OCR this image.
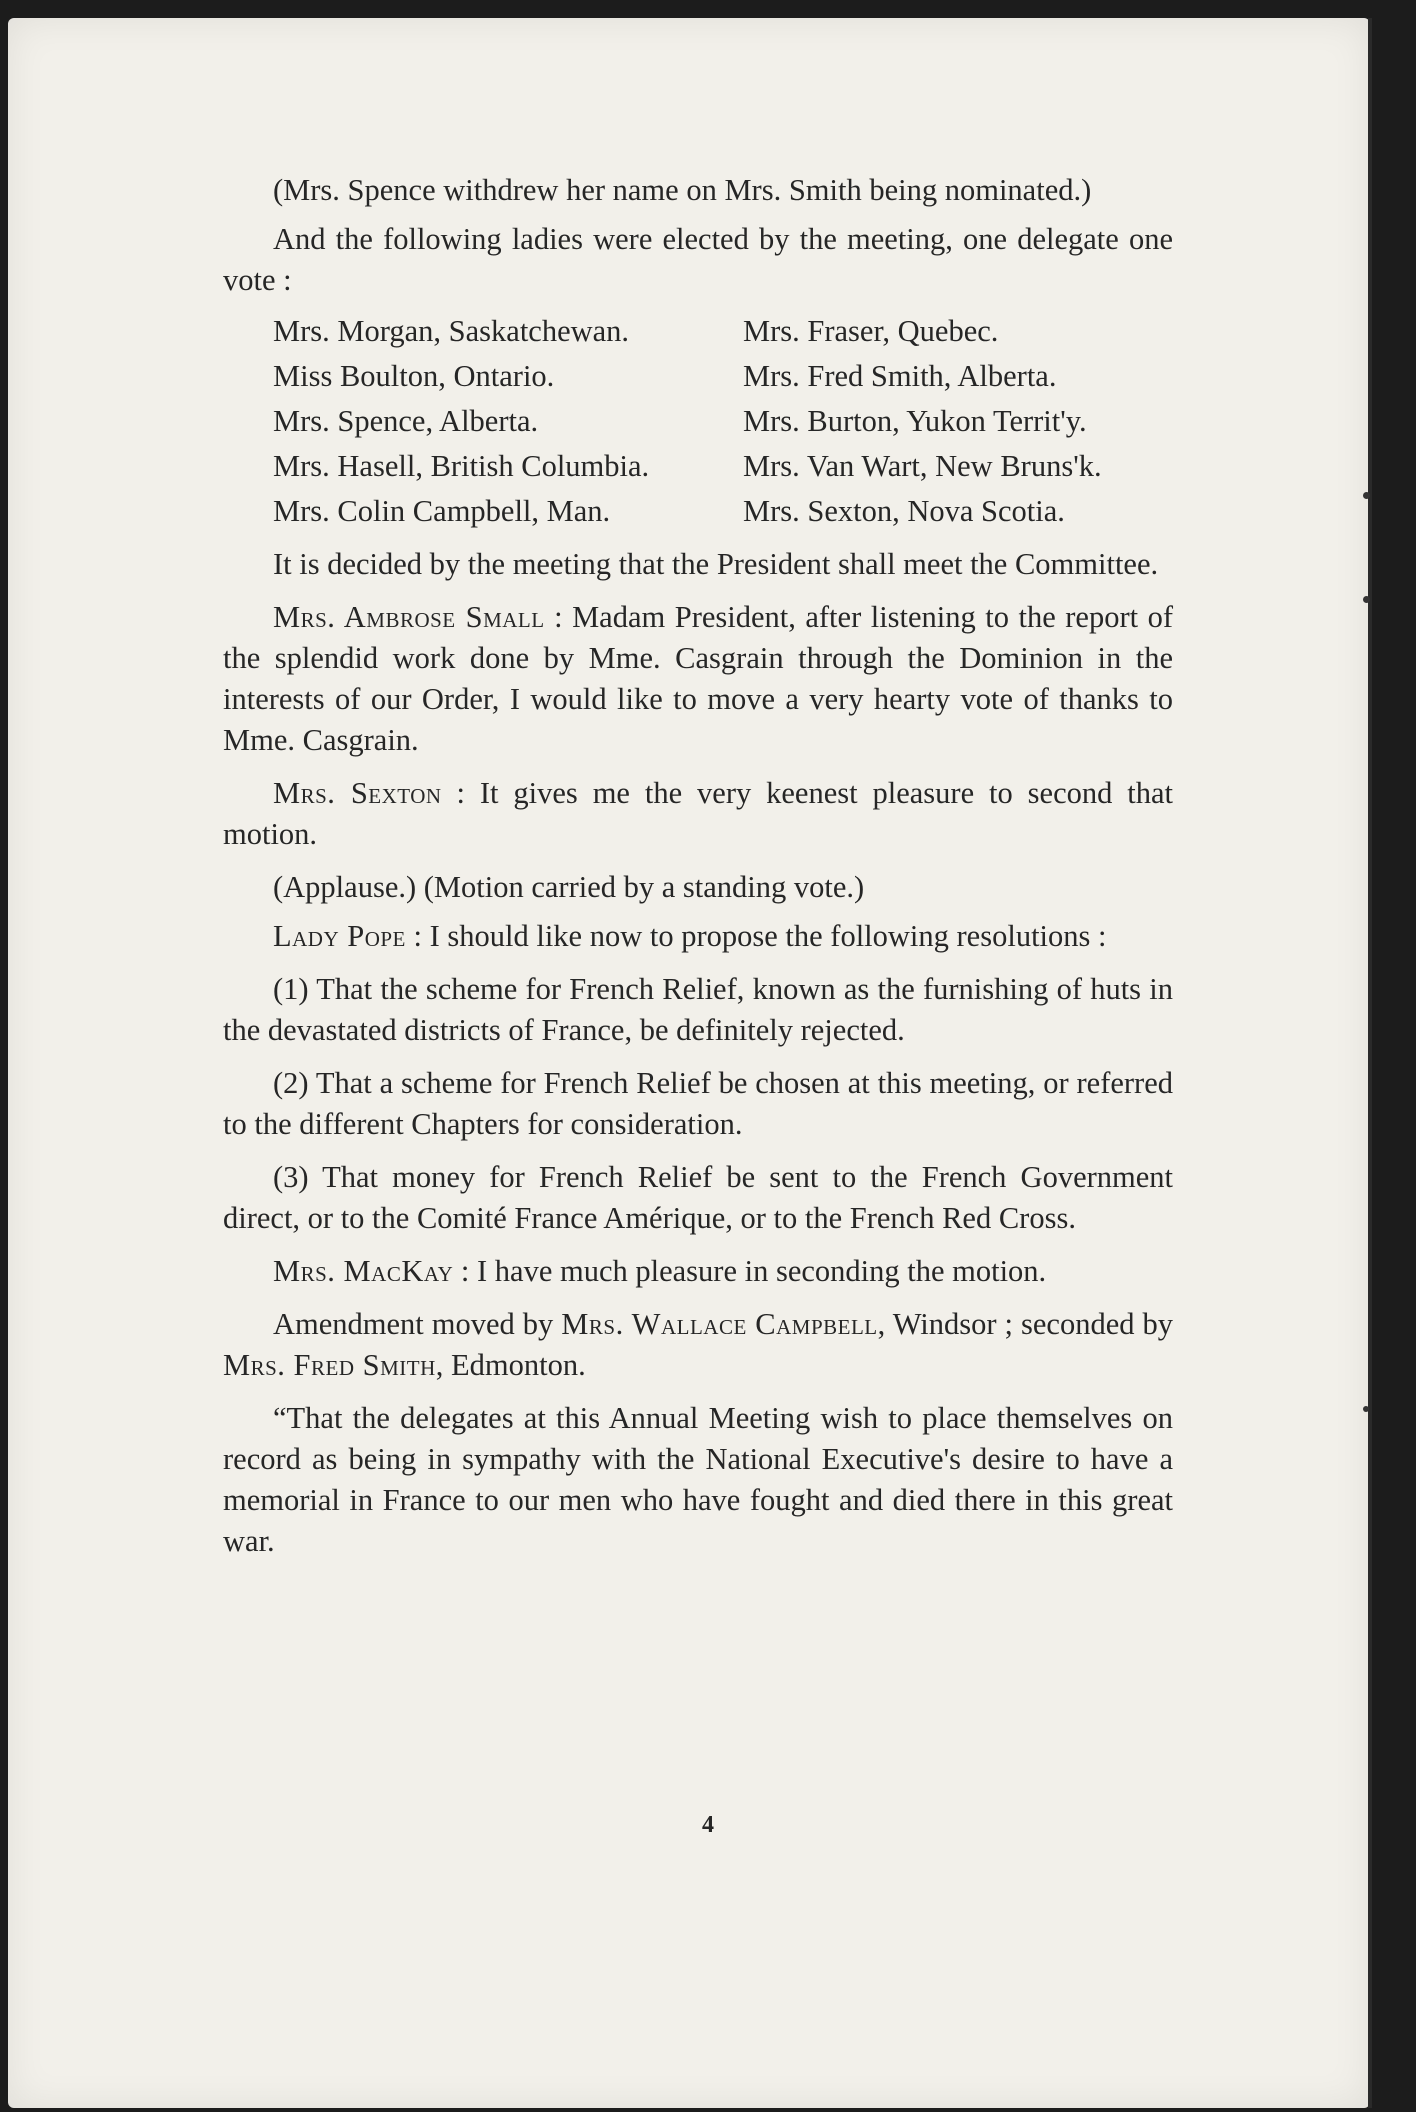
(Mrs. Spence withdrew her name on Mrs. Smith being nominated.)

And the following ladies were elected by the meeting, one delegate one vote :

Mrs. Morgan, Saskatchewan.	Mrs. Fraser, Quebec.
Miss Boulton, Ontario.	Mrs. Fred Smith, Alberta.
Mrs. Spence, Alberta.	Mrs. Burton, Yukon Territ'y.
Mrs. Hasell, British Columbia.	Mrs. Van Wart, New Bruns'k.
Mrs. Colin Campbell, Man.	Mrs. Sexton, Nova Scotia.

It is decided by the meeting that the President shall meet the Committee.

Mrs. Ambrose Small : Madam President, after listening to the report of the splendid work done by Mme. Casgrain through the Dominion in the interests of our Order, I would like to move a very hearty vote of thanks to Mme. Casgrain.

Mrs. Sexton : It gives me the very keenest pleasure to second that motion.

(Applause.) (Motion carried by a standing vote.)

Lady Pope : I should like now to propose the following resolutions :

(1) That the scheme for French Relief, known as the furnishing of huts in the devastated districts of France, be definitely rejected.

(2) That a scheme for French Relief be chosen at this meeting, or referred to the different Chapters for consideration.

(3) That money for French Relief be sent to the French Government direct, or to the Comité France Amérique, or to the French Red Cross.

Mrs. MacKay : I have much pleasure in seconding the motion.

Amendment moved by Mrs. Wallace Campbell, Windsor ; seconded by Mrs. Fred Smith, Edmonton.

“That the delegates at this Annual Meeting wish to place themselves on record as being in sympathy with the National Executive's desire to have a memorial in France to our men who have fought and died there in this great war.

4
